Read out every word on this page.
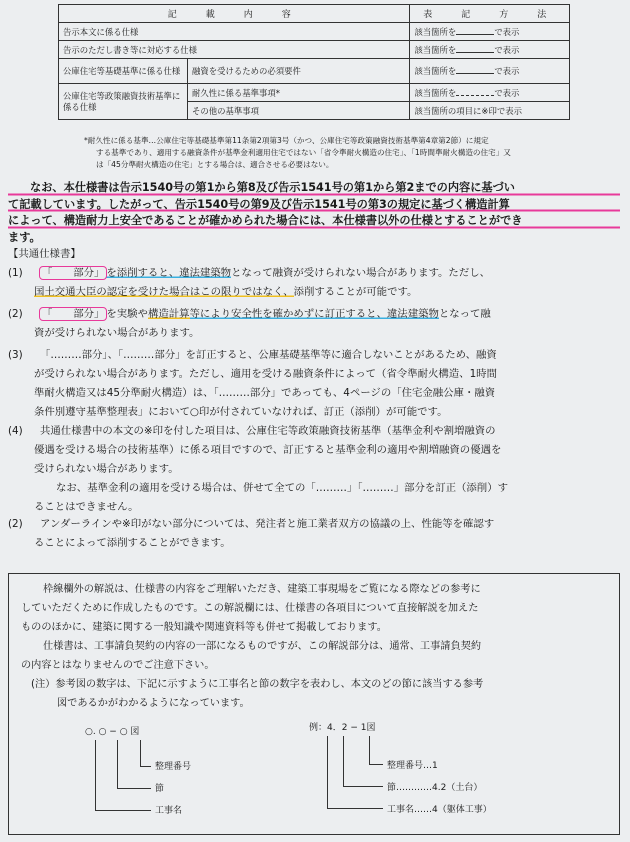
記　載　内　容		表　記　方　法
告示本文に係る仕様		該当箇所を で表示
告示のただし書き等に対応する仕様		該当箇所を で表示
公庫住宅等基礎基準に係る仕様	融資を受けるための必須要件	該当箇所を で表示
公庫住宅等政策融資技術基準に係る仕様	耐久性に係る基準事項*	該当箇所を で表示
	その他の基準事項	該当箇所の項目に※印で表示
*耐久性に係る基準…公庫住宅等基礎基準第11条第2項第3号（かつ、公庫住宅等政策融資技術基準第4章第2節）に規定
する基準であり、適用する融資条件が基準金利適用住宅ではない「省令準耐火構造の住宅」、「1時間準耐火構造の住宅」又
は「45分準耐火構造の住宅」とする場合は、適合させる必要はない。
なお、本仕様書は告示1540号の第1から第8及び告示1541号の第1から第2までの内容に基づい
て記載しています。したがって、告示1540号の第9及び告示1541号の第3の規定に基づく構造計算
によって、構造耐力上安全であることが確かめられた場合には、本仕様書以外の仕様とすることができ
ます。
【共通仕様書】
(1) 「　　部分」 を添削すると、違法建築物となって融資が受けられない場合があります。ただし、
国土交通大臣の認定を受けた場合はこの限りではなく、添削することが可能です。
(2) 「　　部分」 を実験や構造計算等により安全性を確かめずに訂正すると、違法建築物となって融
資が受けられない場合があります。
(3) 「………部分」、「………部分」を訂正すると、公庫基礎基準等に適合しないことがあるため、融資
が受けられない場合があります。ただし、適用を受ける融資条件によって（省令準耐火構造、1時間
準耐火構造又は45分準耐火構造）は、「………部分」であっても、4ページの「住宅金融公庫・融資
条件別遵守基準整理表」において○印が付されていなければ、訂正（添削）が可能です。
(4) 共通仕様書中の本文の※印を付した項目は、公庫住宅等政策融資技術基準（基準金利や割増融資の
優遇を受ける場合の技術基準）に係る項目ですので、訂正すると基準金利の適用や割増融資の優遇を
受けられない場合があります。
なお、基準金利の適用を受ける場合は、併せて全ての「………」「………」部分を訂正（添削）す
ることはできません。
(2) アンダーラインや※印がない部分については、発注者と施工業者双方の協議の上、性能等を確認す
ることによって添削することができます。
枠線欄外の解説は、仕様書の内容をご理解いただき、建築工事現場をご覧になる際などの参考に
していただくために作成したものです。この解説欄には、仕様書の各項目について直接解説を加えた
もののほかに、建築に関する一般知識や関連資料等も併せて掲載しております。
仕様書は、工事請負契約の内容の一部になるものですが、この解説部分は、通常、工事請負契約
の内容とはなりませんのでご注意下さい。
(注）参考図の数字は、下記に示すように工事名と節の数字を表わし、本文のどの節に該当する参考
図であるかがわかるようになっています。
○. ○ − ○ 図
整理番号
節
工事名
例：4．2 − 1図
整理番号…1
節…………4.2（土台）
工事名……4（躯体工事）
